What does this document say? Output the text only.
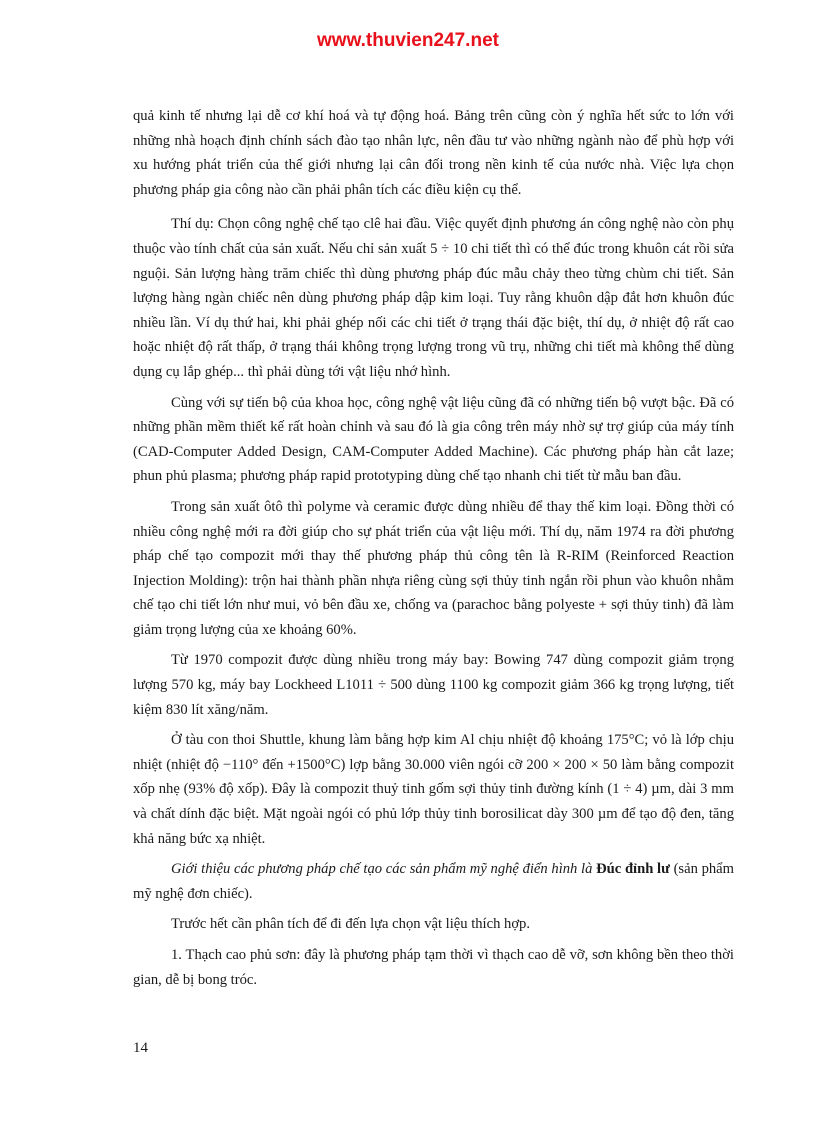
www.thuvien247.net

quả kinh tế nhưng lại dễ cơ khí hoá và tự động hoá. Bảng trên cũng còn ý nghĩa hết sức to lớn với những nhà hoạch định chính sách đào tạo nhân lực, nên đầu tư vào những ngành nào để phù hợp với xu hướng phát triển của thế giới nhưng lại cân đối trong nền kinh tế của nước nhà. Việc lựa chọn phương pháp gia công nào cần phải phân tích các điều kiện cụ thể.

Thí dụ: Chọn công nghệ chế tạo clê hai đầu. Việc quyết định phương án công nghệ nào còn phụ thuộc vào tính chất của sản xuất. Nếu chỉ sản xuất 5 ÷ 10 chi tiết thì có thể đúc trong khuôn cát rồi sửa nguội. Sản lượng hàng trăm chiếc thì dùng phương pháp đúc mẫu chảy theo từng chùm chi tiết. Sản lượng hàng ngàn chiếc nên dùng phương pháp dập kim loại. Tuy rằng khuôn dập đắt hơn khuôn đúc nhiều lần. Ví dụ thứ hai, khi phải ghép nối các chi tiết ở trạng thái đặc biệt, thí dụ, ở nhiệt độ rất cao hoặc nhiệt độ rất thấp, ở trạng thái không trọng lượng trong vũ trụ, những chi tiết mà không thể dùng dụng cụ lắp ghép... thì phải dùng tới vật liệu nhớ hình.

Cùng với sự tiến bộ của khoa học, công nghệ vật liệu cũng đã có những tiến bộ vượt bậc. Đã có những phần mềm thiết kế rất hoàn chỉnh và sau đó là gia công trên máy nhờ sự trợ giúp của máy tính (CAD-Computer Added Design, CAM-Computer Added Machine). Các phương pháp hàn cắt laze; phun phủ plasma; phương pháp rapid prototyping dùng chế tạo nhanh chi tiết từ mẫu ban đầu.

Trong sản xuất ôtô thì polyme và ceramic được dùng nhiều để thay thế kim loại. Đồng thời có nhiều công nghệ mới ra đời giúp cho sự phát triển của vật liệu mới. Thí dụ, năm 1974 ra đời phương pháp chế tạo compozit mới thay thế phương pháp thủ công tên là R-RIM (Reinforced Reaction Injection Molding): trộn hai thành phần nhựa riêng cùng sợi thủy tinh ngắn rồi phun vào khuôn nhằm chế tạo chi tiết lớn như mui, vỏ bên đầu xe, chống va (parachoc bằng polyeste + sợi thủy tinh) đã làm giảm trọng lượng của xe khoảng 60%.

Từ 1970 compozit được dùng nhiều trong máy bay: Bowing 747 dùng compozit giảm trọng lượng 570 kg, máy bay Lockheed L1011 ÷ 500 dùng 1100 kg compozit giảm 366 kg trọng lượng, tiết kiệm 830 lít xăng/năm.

Ở tàu con thoi Shuttle, khung làm bằng hợp kim Al chịu nhiệt độ khoảng 175°C; vỏ là lớp chịu nhiệt (nhiệt độ −110° đến +1500°C) lợp bằng 30.000 viên ngói cỡ 200 × 200 × 50 làm bằng compozit xốp nhẹ (93% độ xốp). Đây là compozit thuỷ tinh gốm sợi thủy tinh đường kính (1 ÷ 4) µm, dài 3 mm và chất dính đặc biệt. Mặt ngoài ngói có phủ lớp thủy tinh borosilicat dày 300 µm để tạo độ đen, tăng khả năng bức xạ nhiệt.

Giới thiệu các phương pháp chế tạo các sản phẩm mỹ nghệ điển hình là Đúc đỉnh lư (sản phẩm mỹ nghệ đơn chiếc).

Trước hết cần phân tích để đi đến lựa chọn vật liệu thích hợp.

1. Thạch cao phủ sơn: đây là phương pháp tạm thời vì thạch cao dễ vỡ, sơn không bền theo thời gian, dễ bị bong tróc.

14
